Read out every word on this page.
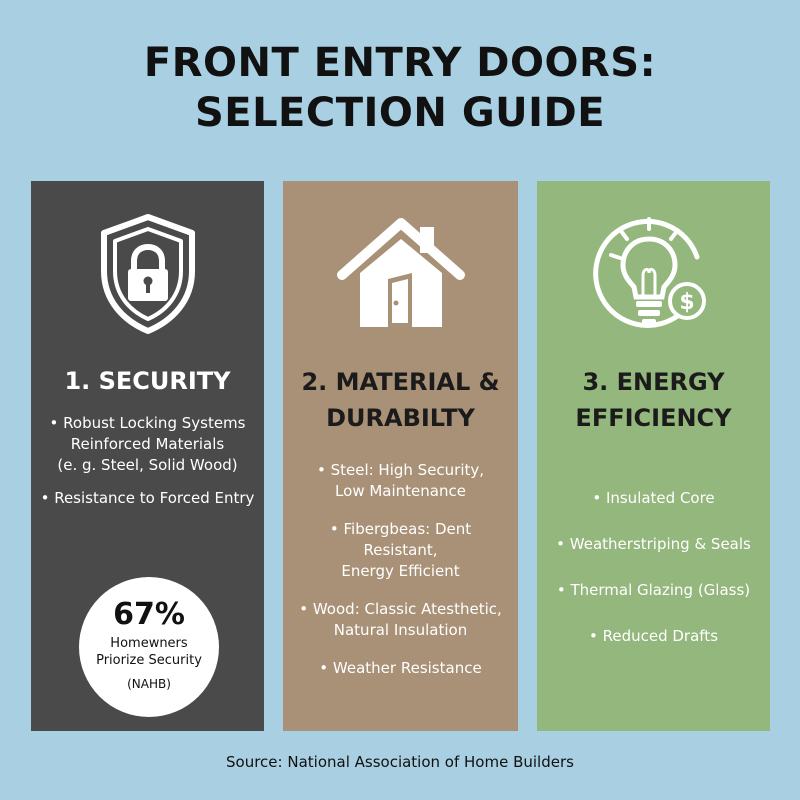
FRONT ENTRY DOORS:
SELECTION GUIDE
1. SECURITY
• Robust Locking Systems
Reinforced Materials
(e. g. Steel, Solid Wood)
• Resistance to Forced Entry
67%
Homewners
Priorize Security
(NAHB)
2. MATERIAL &
DURABILTY
• Steel: High Security,
Low Maintenance
• Fibergbeas: Dent
Resistant,
Energy Efficient
• Wood: Classic Atesthetic,
Natural Insulation
• Weather Resistance
$
3. ENERGY
EFFICIENCY
• Insulated Core
• Weatherstriping & Seals
• Thermal Glazing (Glass)
• Reduced Drafts
Source: National Association of Home Builders
